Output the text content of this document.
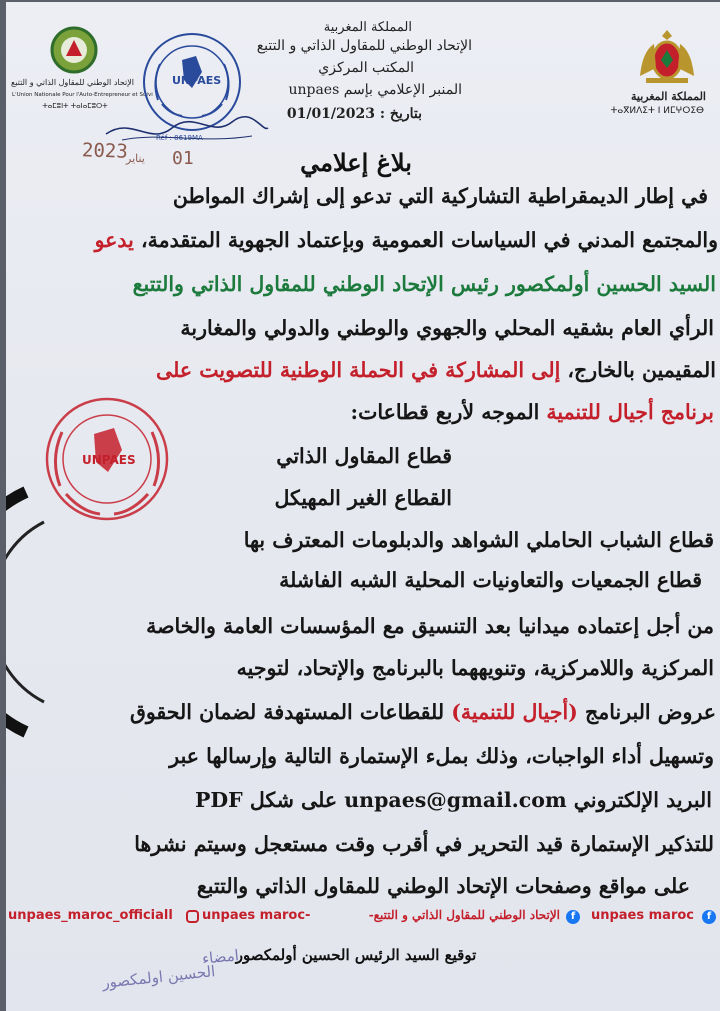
الإتحاد الوطني للمقاول الذاتي و التتبع
L'Union Nationale Pour l'Auto-Entrepreneur et Suivi
ⵜⴰⵎⵓⵏⵜ ⵜⴰⵏⴰⵎⵓⵔⵜ
UNPAES
Réf : 8619MA
2023
يناير 01
المملكة المغربية
الإتحاد الوطني للمقاول الذاتي و التتبع
المكتب المركزي
المنبر الإعلامي بإسم unpaes
بتاريخ : 01/01/2023
المملكة المغربية
ⵜⴰⴳⵍⴷⵉⵜ ⵏ ⵍⵎⵖⵔⵉⴱ
بلاغ إعلامي
في إطار الديمقراطية التشاركية التي تدعو إلى إشراك المواطن
والمجتمع المدني في السياسات العمومية وبإعتماد الجهوية المتقدمة، يدعو
السيد الحسين أولمكصور رئيس الإتحاد الوطني للمقاول الذاتي والتتبع
الرأي العام بشقيه المحلي والجهوي والوطني والدولي والمغاربة
المقيمين بالخارج، إلى المشاركة في الحملة الوطنية للتصويت على
برنامج أجيال للتنمية الموجه لأربع قطاعات:
UNPAES	قطاع المقاول الذاتي
القطاع الغير المهيكل
قطاع الشباب الحاملي الشواهد والدبلومات المعترف بها
قطاع الجمعيات والتعاونيات المحلية الشبه الفاشلة
من أجل إعتماده ميدانيا بعد التنسيق مع المؤسسات العامة والخاصة
المركزية واللامركزية، وتنويههما بالبرنامج والإتحاد، لتوجيه
عروض البرنامج (أجيال للتنمية) للقطاعات المستهدفة لضمان الحقوق
وتسهيل أداء الواجبات، وذلك بملء الإستمارة التالية وإرسالها عبر
البريد الإلكتروني unpaes@gmail.com على شكل PDF
للتذكير الإستمارة قيد التحرير في أقرب وقت مستعجل وسيتم نشرها
على مواقع وصفحات الإتحاد الوطني للمقاول الذاتي والتتبع
f
unpaes maroc
f
الإتحاد الوطني للمقاول الذاتي و التتبع-
unpaes maroc-
unpaes_maroc_officiall
توقيع السيد الرئيس الحسين أولمكصور
امضاء
الحسين اولمكصور
